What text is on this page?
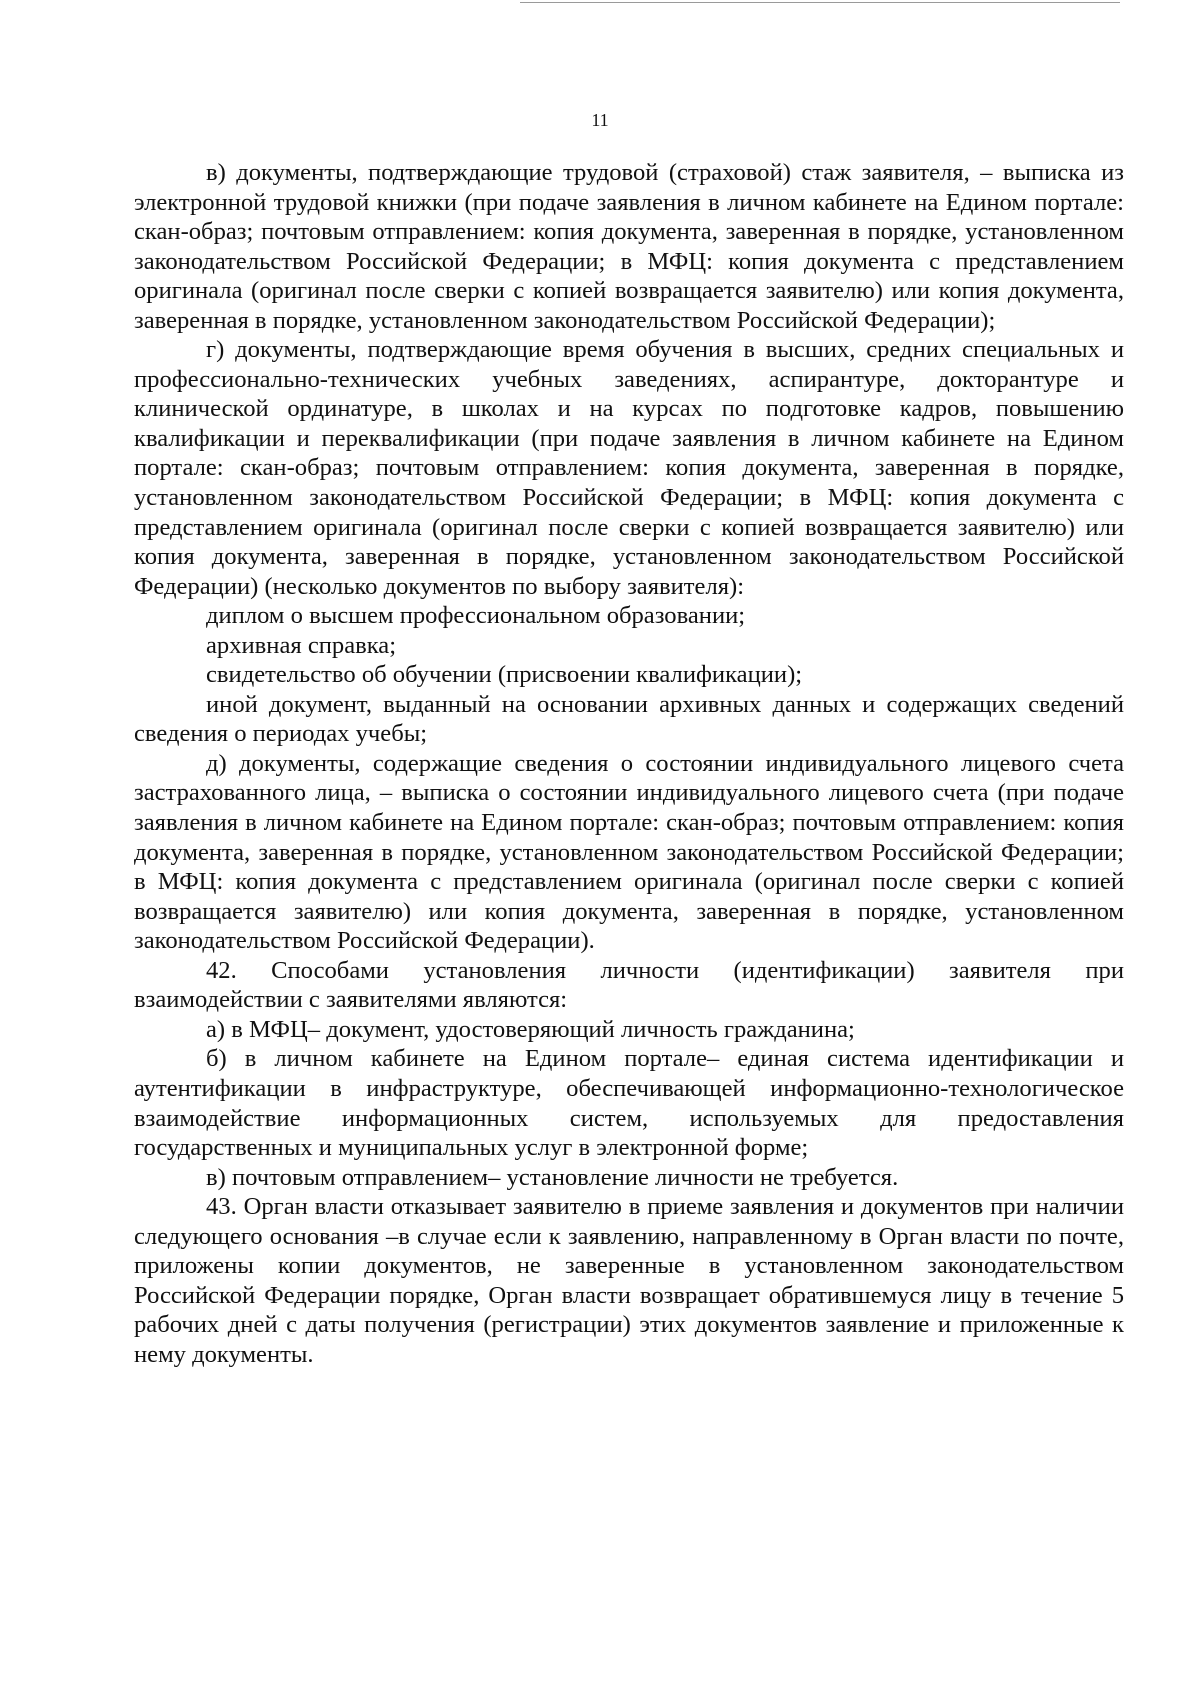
11

в) документы, подтверждающие трудовой (страховой) стаж заявителя, – выписка из электронной трудовой книжки (при подаче заявления в личном кабинете на Едином портале: скан-образ; почтовым отправлением: копия документа, заверенная в порядке, установленном законодательством Российской Федерации; в МФЦ: копия документа с представлением оригинала (оригинал после сверки с копией возвращается заявителю) или копия документа, заверенная в порядке, установленном законодательством Российской Федерации);

г) документы, подтверждающие время обучения в высших, средних специальных и профессионально-технических учебных заведениях, аспирантуре, докторантуре и клинической ординатуре, в школах и на курсах по подготовке кадров, повышению квалификации и переквалификации (при подаче заявления в личном кабинете на Едином портале: скан-образ; почтовым отправлением: копия документа, заверенная в порядке, установленном законодательством Российской Федерации; в МФЦ: копия документа с представлением оригинала (оригинал после сверки с копией возвращается заявителю) или копия документа, заверенная в порядке, установленном законодательством Российской Федерации) (несколько документов по выбору заявителя):

диплом о высшем профессиональном образовании;

архивная справка;

свидетельство об обучении (присвоении квалификации);

иной документ, выданный на основании архивных данных и содержащих сведений сведения о периодах учебы;

д) документы, содержащие сведения о состоянии индивидуального лицевого счета застрахованного лица, – выписка о состоянии индивидуального лицевого счета (при подаче заявления в личном кабинете на Едином портале: скан-образ; почтовым отправлением: копия документа, заверенная в порядке, установленном законодательством Российской Федерации; в МФЦ: копия документа с представлением оригинала (оригинал после сверки с копией возвращается заявителю) или копия документа, заверенная в порядке, установленном законодательством Российской Федерации).

42. Способами установления личности (идентификации) заявителя при взаимодействии с заявителями являются:

а) в МФЦ– документ, удостоверяющий личность гражданина;

б) в личном кабинете на Едином портале– единая система идентификации и аутентификации в инфраструктуре, обеспечивающей информационно-технологическое взаимодействие информационных систем, используемых для предоставления государственных и муниципальных услуг в электронной форме;

в) почтовым отправлением– установление личности не требуется.

43. Орган власти отказывает заявителю в приеме заявления и документов при наличии следующего основания –в случае если к заявлению, направленному в Орган власти по почте, приложены копии документов, не заверенные в установленном законодательством Российской Федерации порядке, Орган власти возвращает обратившемуся лицу в течение 5 рабочих дней с даты получения (регистрации) этих документов заявление и приложенные к нему документы.
